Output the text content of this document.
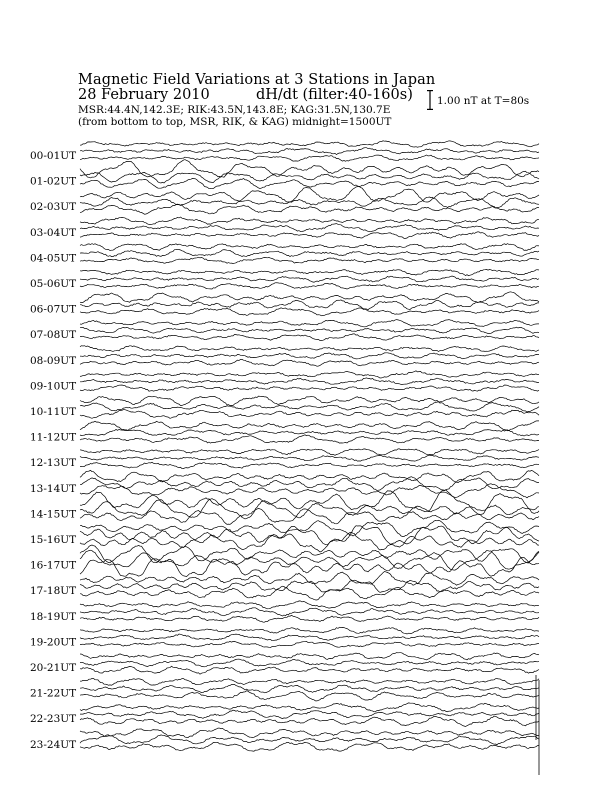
Magnetic Field Variations at 3 Stations in Japan
28 February 2010	dH/dt (filter:40-160s)
MSR:44.4N,142.3E; RIK:43.5N,143.8E; KAG:31.5N,130.7E
(from bottom to top, MSR, RIK, & KAG) midnight=1500UT
1.00 nT at T=80s
00-01UT
01-02UT
02-03UT
03-04UT
04-05UT
05-06UT
06-07UT
07-08UT
08-09UT
09-10UT
10-11UT
11-12UT
12-13UT
13-14UT
14-15UT
15-16UT
16-17UT
17-18UT
18-19UT
19-20UT
20-21UT
21-22UT
22-23UT
23-24UT
